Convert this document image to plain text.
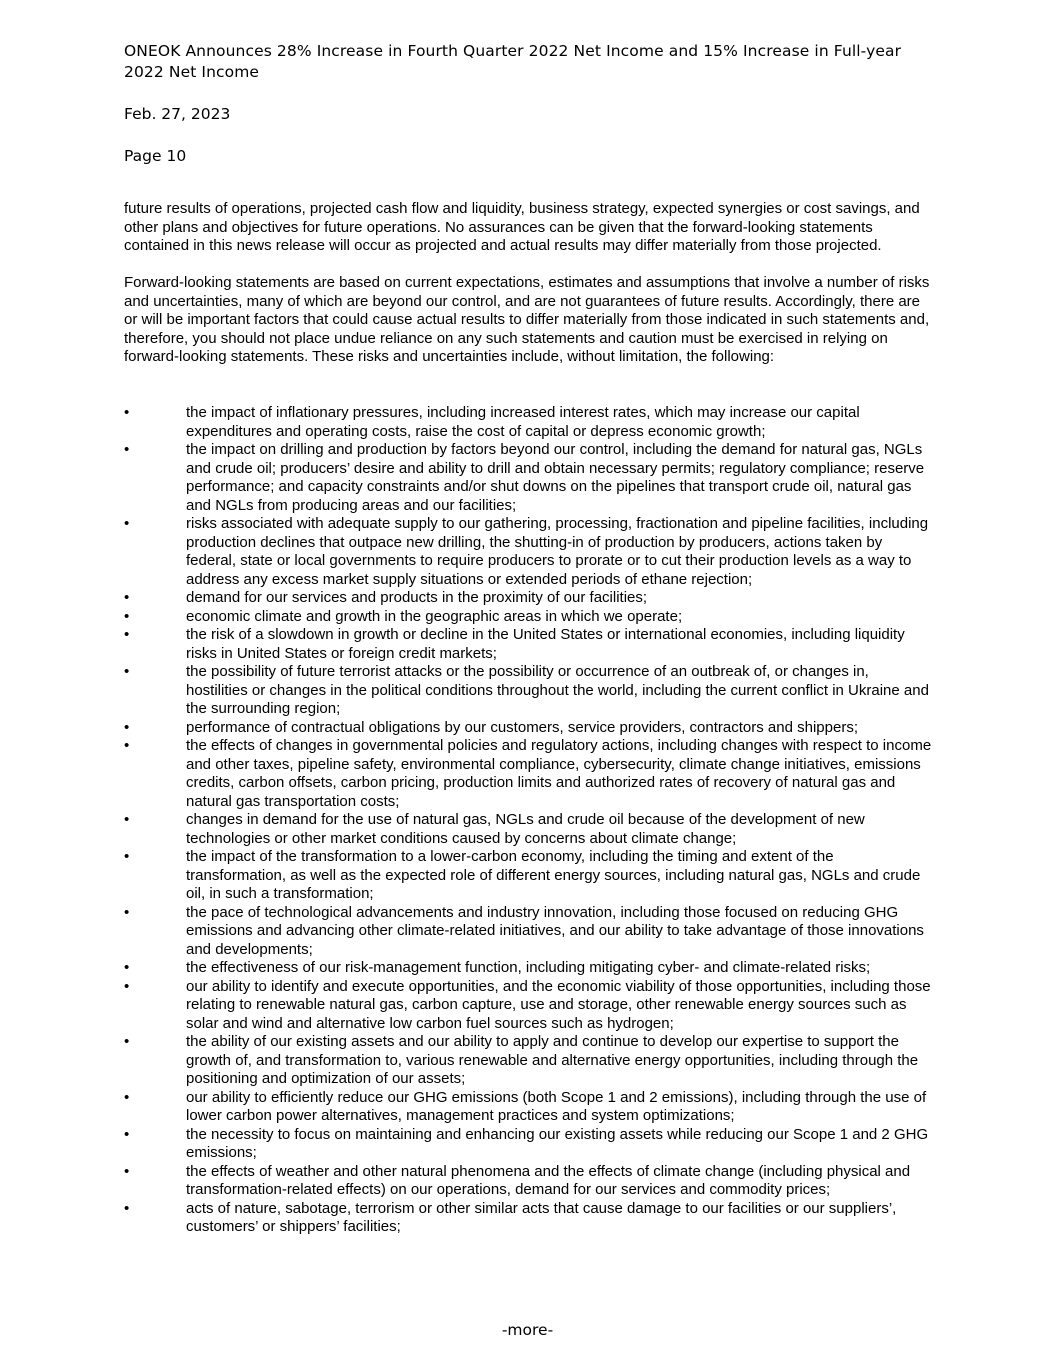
ONEOK Announces 28% Increase in Fourth Quarter 2022 Net Income and 15% Increase in Full-year 2022 Net Income
Feb. 27, 2023
Page 10
future results of operations, projected cash flow and liquidity, business strategy, expected synergies or cost savings, and other plans and objectives for future operations. No assurances can be given that the forward-looking statements contained in this news release will occur as projected and actual results may differ materially from those projected.
Forward-looking statements are based on current expectations, estimates and assumptions that involve a number of risks and uncertainties, many of which are beyond our control, and are not guarantees of future results. Accordingly, there are or will be important factors that could cause actual results to differ materially from those indicated in such statements and, therefore, you should not place undue reliance on any such statements and caution must be exercised in relying on forward-looking statements. These risks and uncertainties include, without limitation, the following:
•	the impact of inflationary pressures, including increased interest rates, which may increase our capital expenditures and operating costs, raise the cost of capital or depress economic growth;
•	the impact on drilling and production by factors beyond our control, including the demand for natural gas, NGLs and crude oil; producers’ desire and ability to drill and obtain necessary permits; regulatory compliance; reserve performance; and capacity constraints and/or shut downs on the pipelines that transport crude oil, natural gas and NGLs from producing areas and our facilities;
•	risks associated with adequate supply to our gathering, processing, fractionation and pipeline facilities, including production declines that outpace new drilling, the shutting-in of production by producers, actions taken by federal, state or local governments to require producers to prorate or to cut their production levels as a way to address any excess market supply situations or extended periods of ethane rejection;
•	demand for our services and products in the proximity of our facilities;
•	economic climate and growth in the geographic areas in which we operate;
•	the risk of a slowdown in growth or decline in the United States or international economies, including liquidity risks in United States or foreign credit markets;
•	the possibility of future terrorist attacks or the possibility or occurrence of an outbreak of, or changes in, hostilities or changes in the political conditions throughout the world, including the current conflict in Ukraine and the surrounding region;
•	performance of contractual obligations by our customers, service providers, contractors and shippers;
•	the effects of changes in governmental policies and regulatory actions, including changes with respect to income and other taxes, pipeline safety, environmental compliance, cybersecurity, climate change initiatives, emissions credits, carbon offsets, carbon pricing, production limits and authorized rates of recovery of natural gas and natural gas transportation costs;
•	changes in demand for the use of natural gas, NGLs and crude oil because of the development of new technologies or other market conditions caused by concerns about climate change;
•	the impact of the transformation to a lower-carbon economy, including the timing and extent of the transformation, as well as the expected role of different energy sources, including natural gas, NGLs and crude oil, in such a transformation;
•	the pace of technological advancements and industry innovation, including those focused on reducing GHG emissions and advancing other climate-related initiatives, and our ability to take advantage of those innovations and developments;
•	the effectiveness of our risk-management function, including mitigating cyber- and climate-related risks;
•	our ability to identify and execute opportunities, and the economic viability of those opportunities, including those relating to renewable natural gas, carbon capture, use and storage, other renewable energy sources such as solar and wind and alternative low carbon fuel sources such as hydrogen;
•	the ability of our existing assets and our ability to apply and continue to develop our expertise to support the growth of, and transformation to, various renewable and alternative energy opportunities, including through the positioning and optimization of our assets;
•	our ability to efficiently reduce our GHG emissions (both Scope 1 and 2 emissions), including through the use of lower carbon power alternatives, management practices and system optimizations;
•	the necessity to focus on maintaining and enhancing our existing assets while reducing our Scope 1 and 2 GHG emissions;
•	the effects of weather and other natural phenomena and the effects of climate change (including physical and transformation-related effects) on our operations, demand for our services and commodity prices;
•	acts of nature, sabotage, terrorism or other similar acts that cause damage to our facilities or our suppliers’, customers’ or shippers’ facilities;
-more-
